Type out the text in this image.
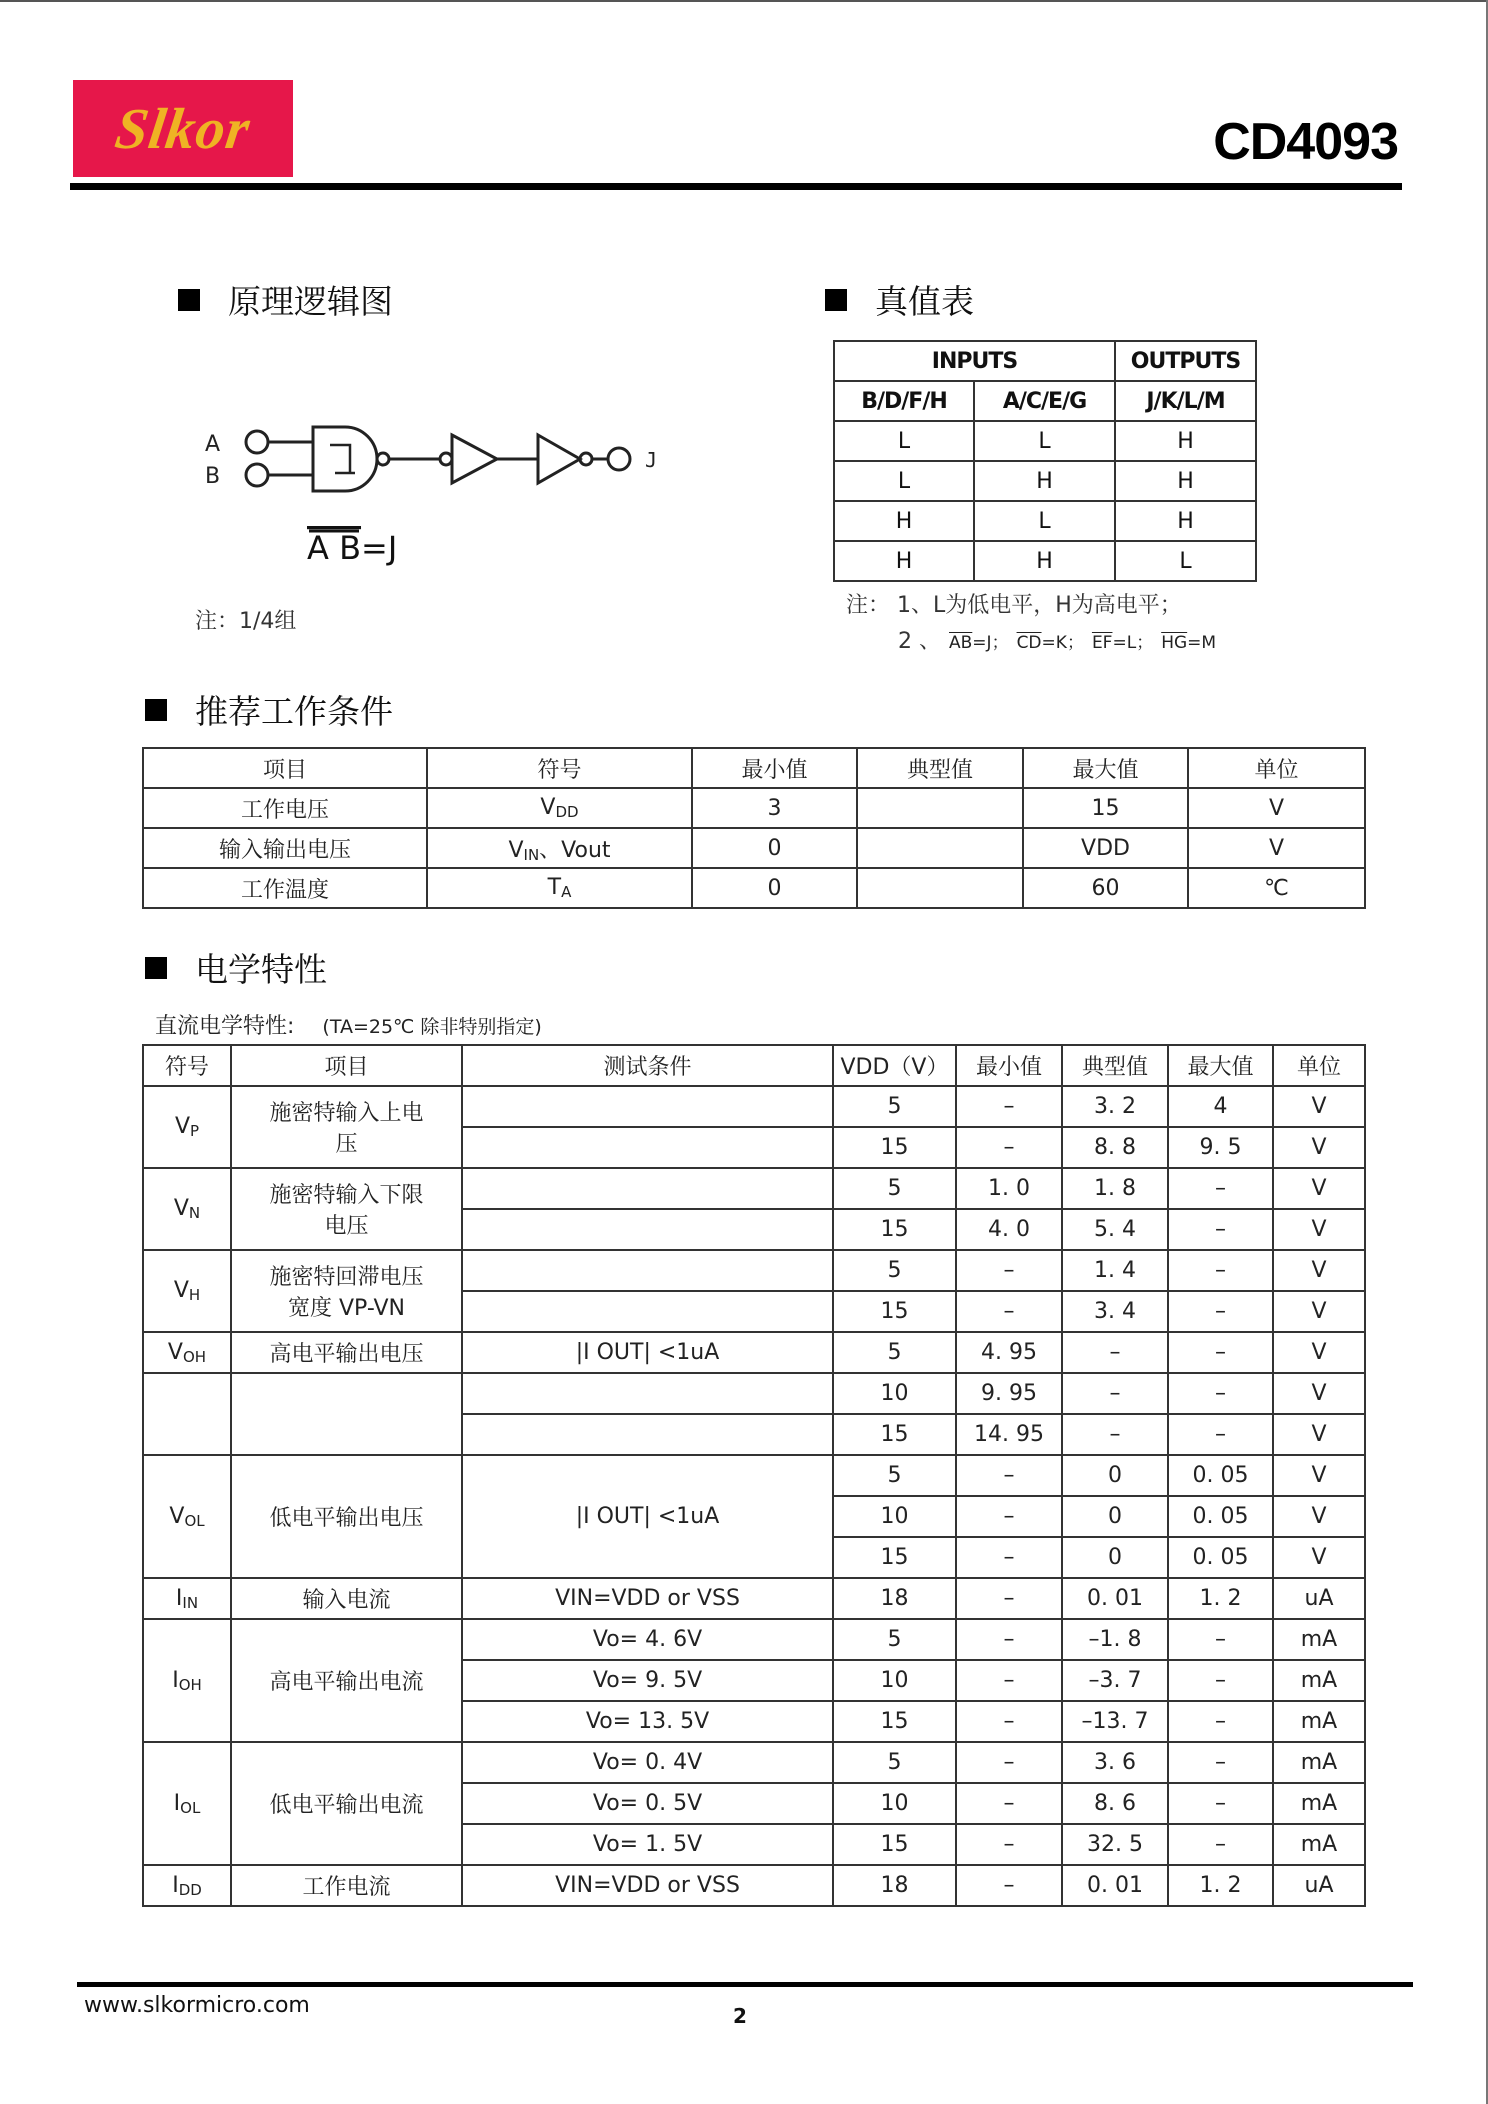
Slkor	CD4093
原理逻辑图
A
B
J
A B=J
注：1/4组
真值表
INPUTS		OUTPUTS
B/D/F/H	A/C/E/G	J/K/L/M
L	L	H
L	H	H
H	L	H
H	H	L
注： 1、L为低电平，H为高电平；
2 、 $\overline{AB}=J$； $\overline{CD}=K$； $\overline{EF}=L$； $\overline{HG}=M$
推荐工作条件
项目	符号	最小值	典型值	最大值	单位
工作电压	VDD	3		15	V
输入输出电压	VIN、Vout	0		VDD	V
工作温度	TA	0		60	℃
电学特性
直流电学特性: (TA=25℃ 除非特别指定)
符号	项目	测试条件	VDD（V）	最小值	典型值	最大值	单位
VP	施密特输入上电压		5	–	3. 2	4	V
			15	–	8. 8	9. 5	V
VN	施密特输入下限电压		5	1. 0	1. 8	–	V
			15	4. 0	5. 4	–	V
VH	施密特回滞电压宽度 VP-VN		5	–	1. 4	–	V
			15	–	3. 4	–	V
VOH	高电平输出电压	|I OUT| <1uA	5	4. 95	–	–	V
			10	9. 95	–	–	V
			15	14. 95	–	–	V
VOL	低电平输出电压	|I OUT| <1uA	5	–	0	0. 05	V
			10	–	0	0. 05	V
			15	–	0	0. 05	V
IIN	输入电流	VIN=VDD or VSS	18	–	0. 01	1. 2	uA
IOH	高电平输出电流	Vo= 4. 6V	5	–	–1. 8	–	mA
		Vo= 9. 5V	10	–	–3. 7	–	mA
		Vo= 13. 5V	15	–	–13. 7	–	mA
IOL	低电平输出电流	Vo= 0. 4V	5	–	3. 6	–	mA
		Vo= 0. 5V	10	–	8. 6	–	mA
		Vo= 1. 5V	15	–	32. 5	–	mA
IDD	工作电流	VIN=VDD or VSS	18	–	0. 01	1. 2	uA
www.slkormicro.com	2
